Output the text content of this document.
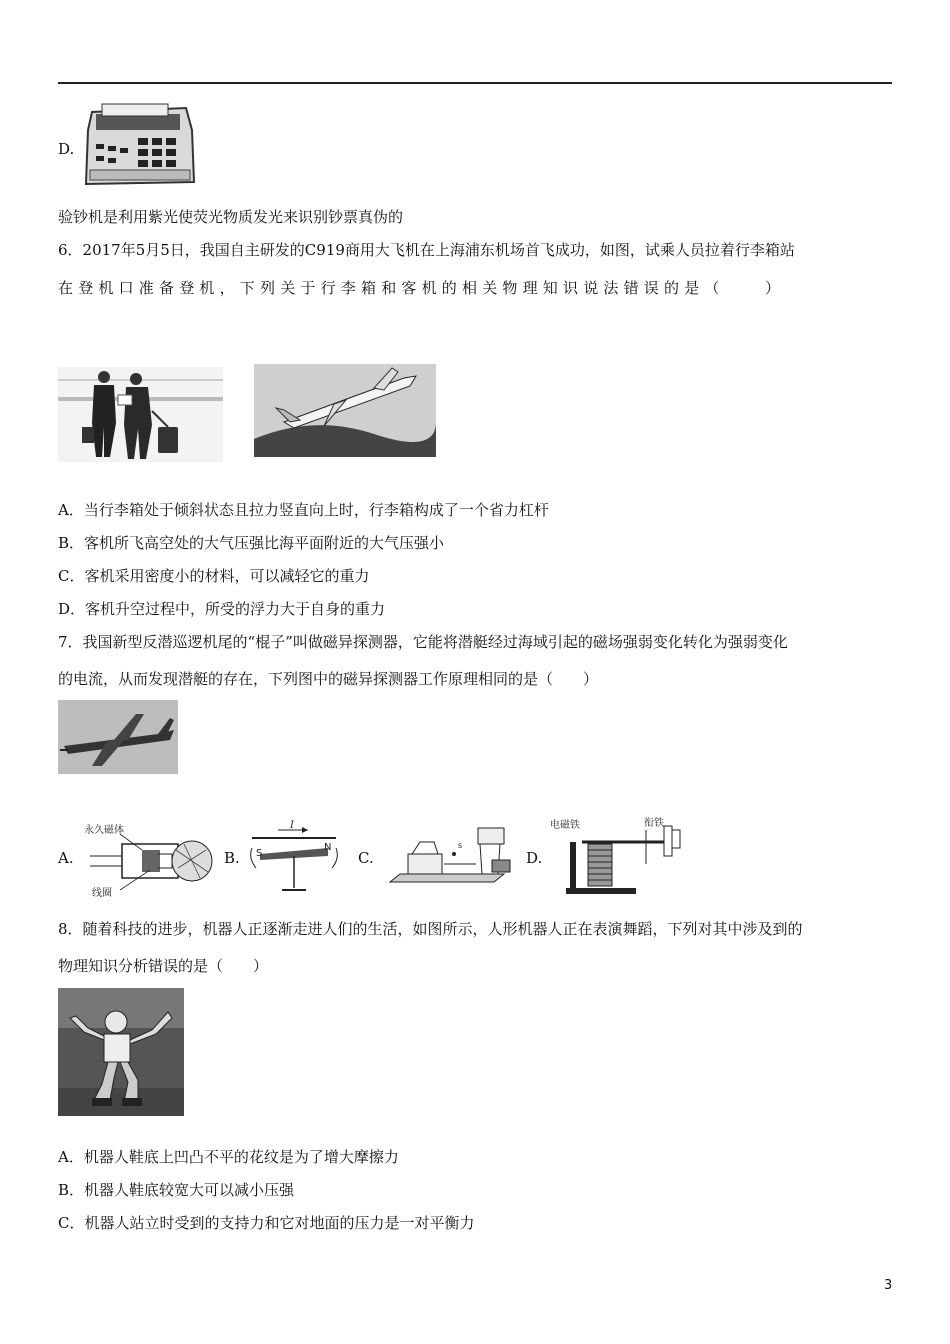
D.
验钞机是利用紫光使荧光物质发光来识别钞票真伪的
6．2017年5月5日，我国自主研发的C919商用大飞机在上海浦东机场首飞成功，如图，试乘人员拉着行李箱站
在登机口准备登机，下列关于行李箱和客机的相关物理知识说法错误的是（　　）
A．当行李箱处于倾斜状态且拉力竖直向上时，行李箱构成了一个省力杠杆
B．客机所飞高空处的大气压强比海平面附近的大气压强小
C．客机采用密度小的材料，可以减轻它的重力
D．客机升空过程中，所受的浮力大于自身的重力
7．我国新型反潜巡逻机尾的“棍子”叫做磁异探测器，它能将潜艇经过海域引起的磁场强弱变化转化为强弱变化
的电流，从而发现潜艇的存在，下列图中的磁异探测器工作原理相同的是（　　）
A.
永久磁体
线圈
B.
I
S
N
C.
s
D.
电磁铁	衔铁
8．随着科技的进步，机器人正逐渐走进人们的生活，如图所示，人形机器人正在表演舞蹈，下列对其中涉及到的
物理知识分析错误的是（　　）
A．机器人鞋底上凹凸不平的花纹是为了增大摩擦力
B．机器人鞋底较宽大可以减小压强
C．机器人站立时受到的支持力和它对地面的压力是一对平衡力
3
